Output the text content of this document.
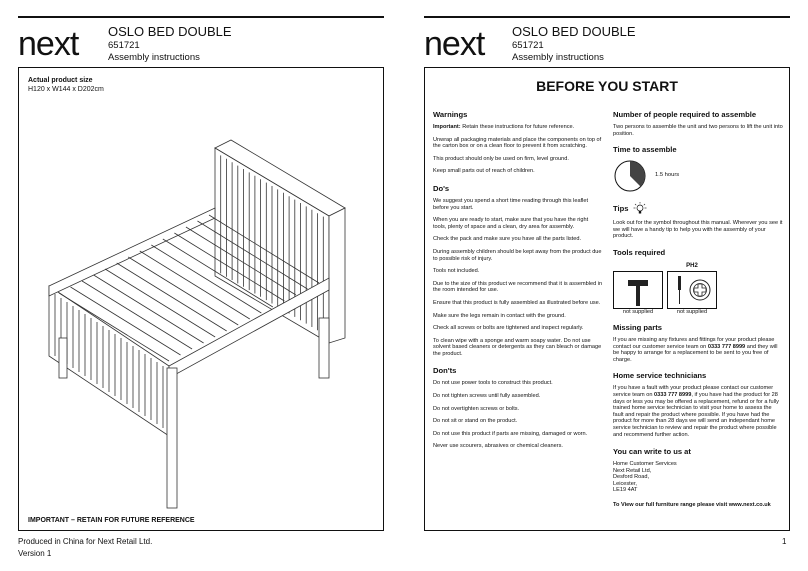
next OSLO BED DOUBLE
651721
Assembly instructions
Actual product size
H120 x W144 x D202cm
IMPORTANT – RETAIN FOR FUTURE REFERENCE
Produced in China for Next Retail Ltd.
Version 1
next OSLO BED DOUBLE
651721
Assembly instructions
BEFORE YOU START
Warnings

Important: Retain these instructions for future reference.

Unwrap all packaging materials and place the components on top of the carton box or on a clean floor to prevent it from scratching.

This product should only be used on firm, level ground.

Keep small parts out of reach of children.

Do's

We suggest you spend a short time reading through this leaflet before you start.

When you are ready to start, make sure that you have the right tools, plenty of space and a clean, dry area for assembly.

Check the pack and make sure you have all the parts listed.

During assembly children should be kept away from the product due to possible risk of injury.

Tools not included.

Due to the size of this product we recommend that it is assembled in the room intended for use.

Ensure that this product is fully assembled as illustrated before use.

Make sure the legs remain in contact with the ground.

Check all screws or bolts are tightened and inspect regularly.

To clean wipe with a sponge and warm soapy water. Do not use solvent based cleaners or detergents as they can bleach or damage the product.

Don'ts

Do not use power tools to construct this product.

Do not tighten screws until fully assembled.

Do not overtighten screws or bolts.

Do not sit or stand on the product.

Do not use this product if parts are missing, damaged or worn.

Never use scourers, abrasives or chemical cleaners.

Number of people required to assemble

Two persons to assemble the unit and two persons to lift the unit into position.

Time to assemble
1.5 hours
Tips

Look out for the symbol throughout this manual. Wherever you see it we will have a handy tip to help you with the assembly of your product.

Tools required
not supplied
PH2
not supplied
Missing parts

If you are missing any fixtures and fittings for your product please contact our customer service team on 0333 777 8999 and they will be happy to arrange for a replacement to be sent to you free of charge.

Home service technicians

If you have a fault with your product please contact our customer service team on 0333 777 8999, if you have had the product for 28 days or less you may be offered a replacement, refund or for a fully trained home service technician to visit your home to assess the fault and repair the product where possible. If you have had the product for more than 28 days we will send an independant home service technician to review and repair the product where possible and recommend further action.

You can write to us at
Home Customer Services
Next Retail Ltd,
Desford Road,
Leicester,
LE19 4AT
To View our full furniture range please visit www.next.co.uk
1
